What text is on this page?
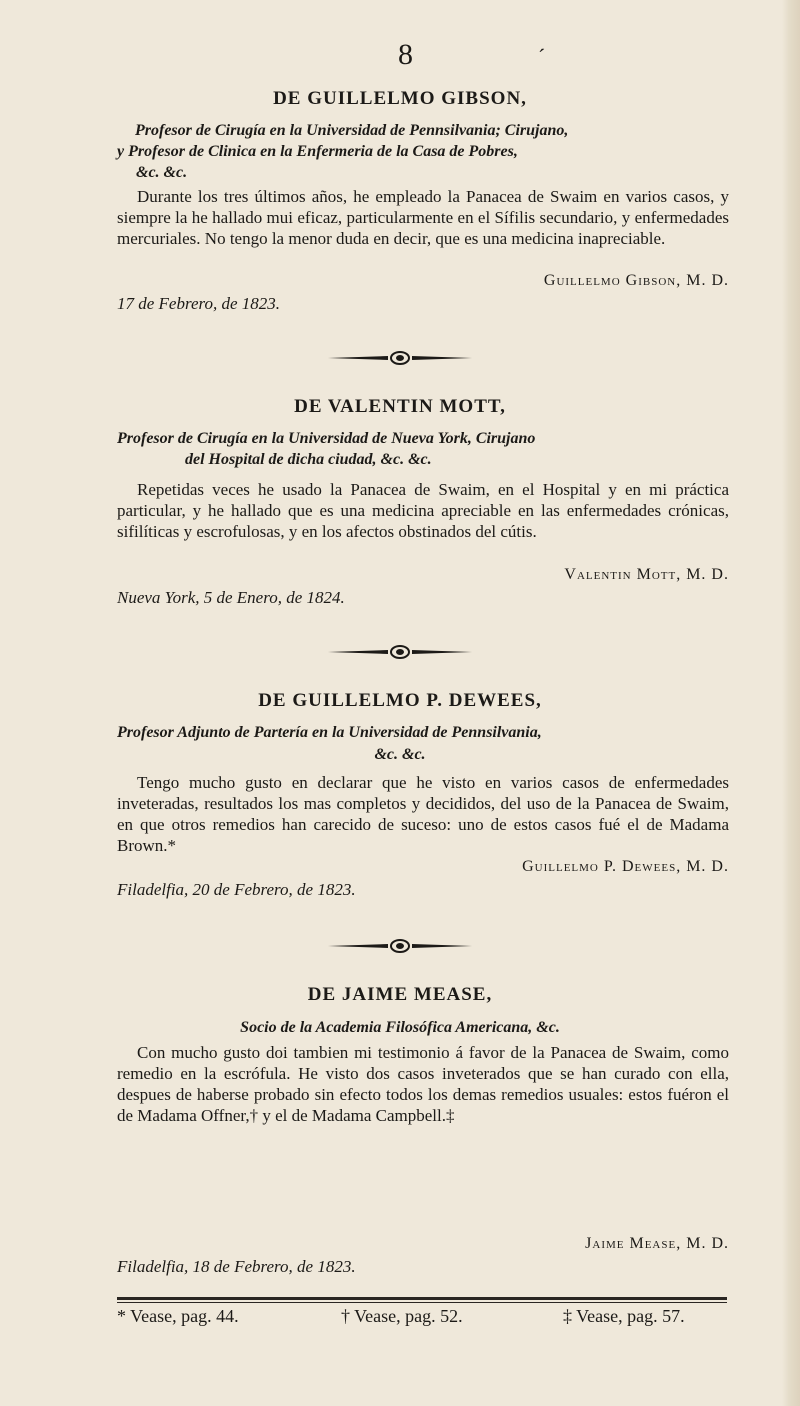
8	´
DE GUILLELMO GIBSON,
Profesor de Cirugía en la Universidad de Pennsilvania; Cirujano,
y Profesor de Clinica en la Enfermeria de la Casa de Pobres,
&c. &c.
Durante los tres últimos años, he empleado la Panacea de Swaim en varios casos, y siempre la he hallado mui eficaz, particularmente en el Sífilis secundario, y enfermedades mercuriales. No tengo la menor duda en decir, que es una medicina inapreciable.
Guillelmo Gibson, M. D.
17 de Febrero, de 1823.
DE VALENTIN MOTT,
Profesor de Cirugía en la Universidad de Nueva York, Cirujano
del Hospital de dicha ciudad, &c. &c.
Repetidas veces he usado la Panacea de Swaim, en el Hospital y en mi práctica particular, y he hallado que es una medicina apreciable en las enfermedades crónicas, sifilíticas y escrofulosas, y en los afectos obstinados del cútis.
Valentin Mott, M. D.
Nueva York, 5 de Enero, de 1824.
DE GUILLELMO P. DEWEES,
Profesor Adjunto de Partería en la Universidad de Pennsilvania,
&c. &c.
Tengo mucho gusto en declarar que he visto en varios casos de enfermedades inveteradas, resultados los mas completos y decididos, del uso de la Panacea de Swaim, en que otros remedios han carecido de suceso: uno de estos casos fué el de Madama Brown.*
Guillelmo P. Dewees, M. D.
Filadelfia, 20 de Febrero, de 1823.
DE JAIME MEASE,
Socio de la Academia Filosófica Americana, &c.
Con mucho gusto doi tambien mi testimonio á favor de la Panacea de Swaim, como remedio en la escrófula. He visto dos casos inveterados que se han curado con ella, despues de haberse probado sin efecto todos los demas remedios usuales: estos fuéron el de Madama Offner,† y el de Madama Campbell.‡
Jaime Mease, M. D.
Filadelfia, 18 de Febrero, de 1823.
* Vease, pag. 44.	† Vease, pag. 52.	‡ Vease, pag. 57.
